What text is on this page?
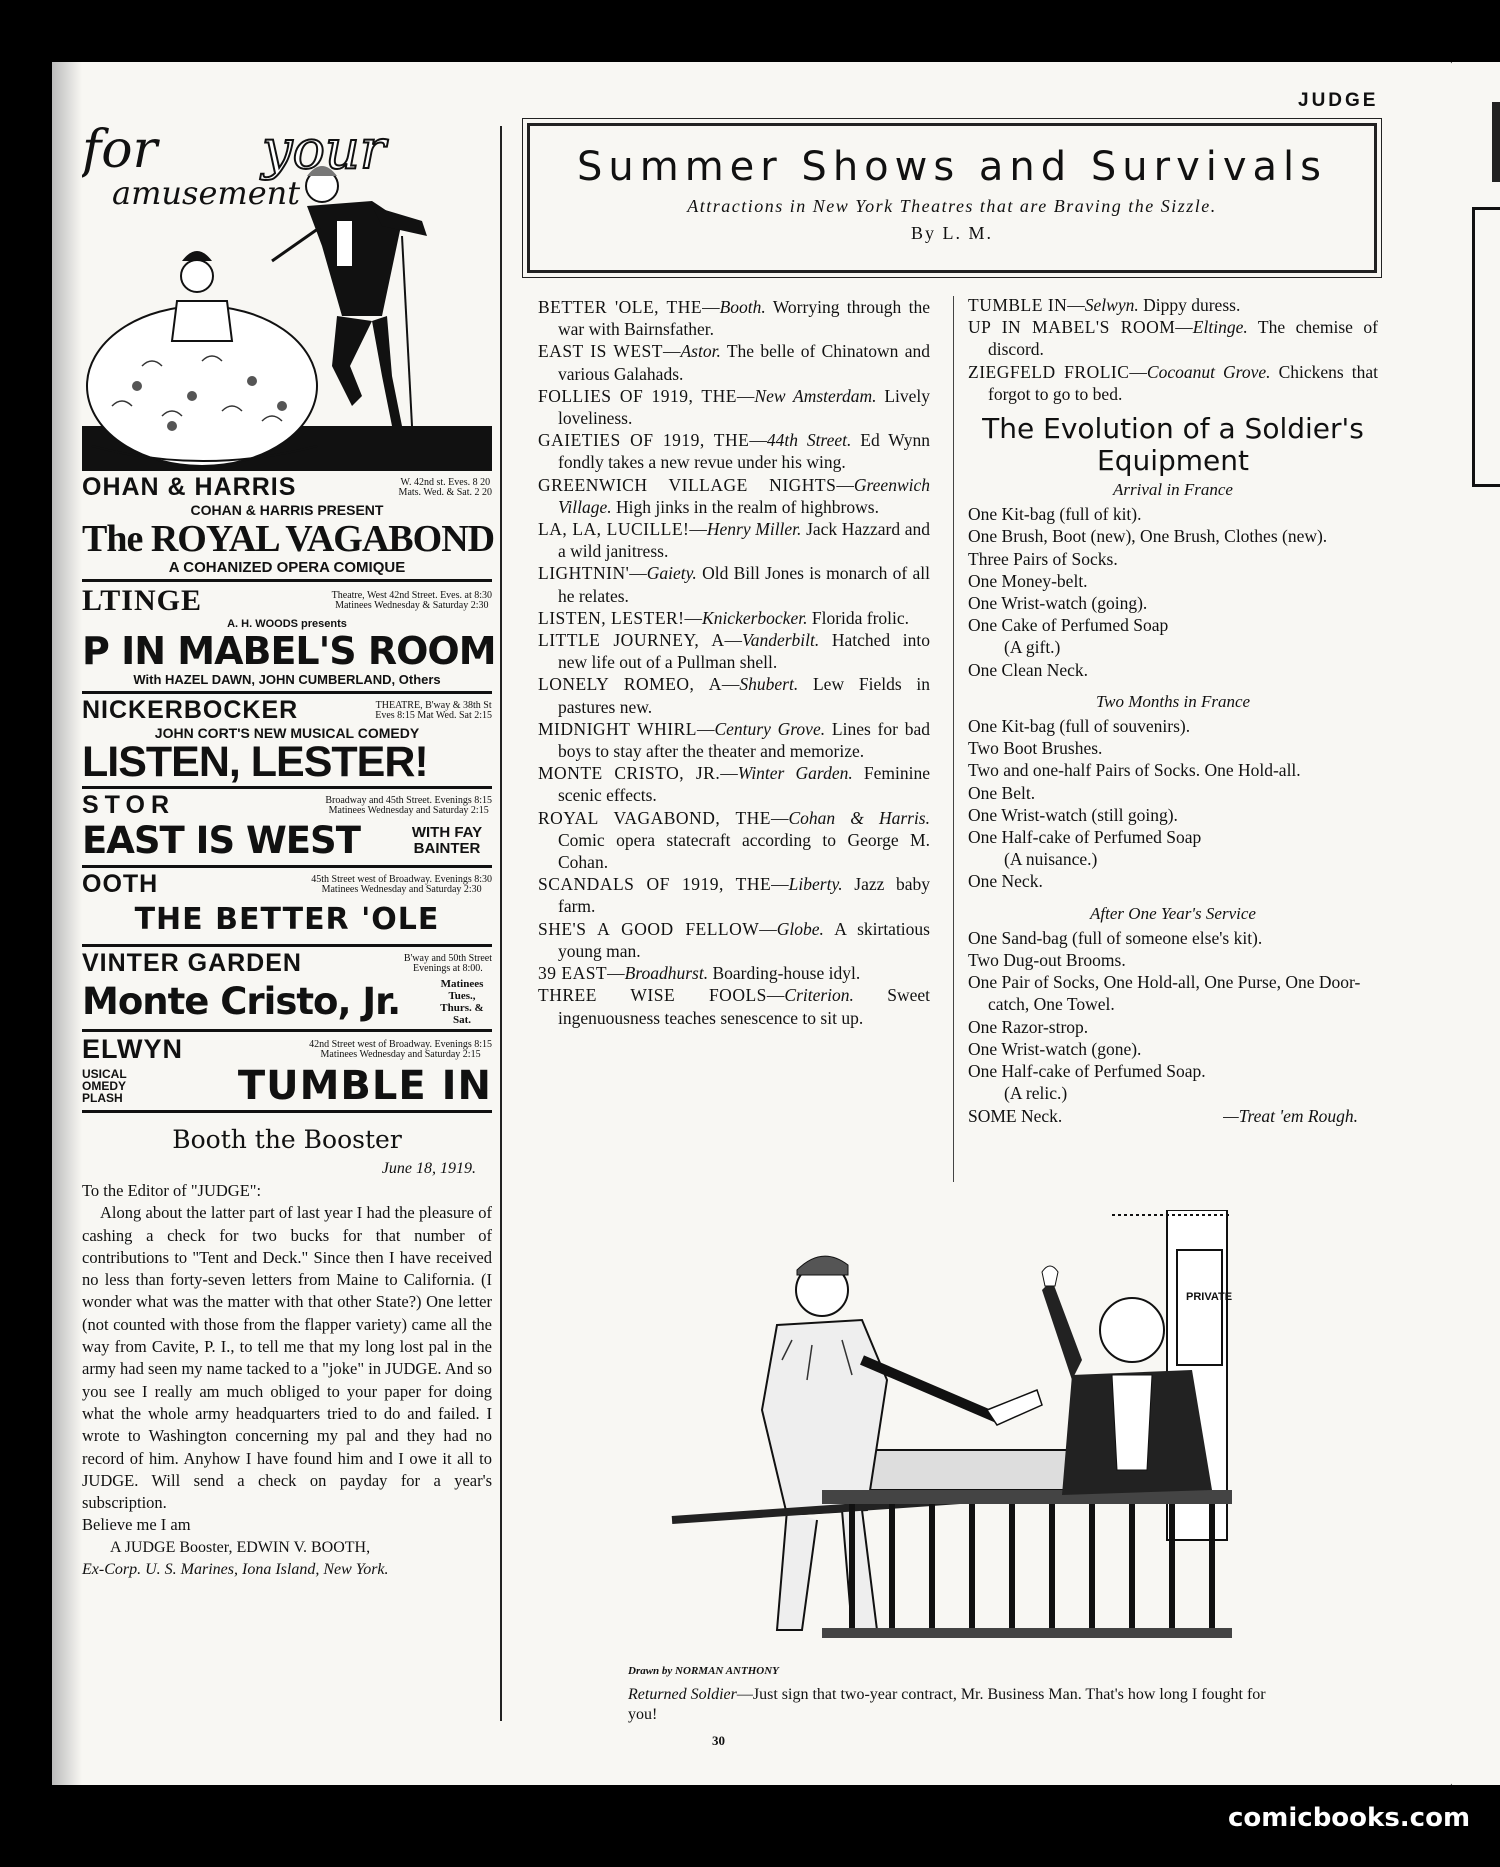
JUDGE
for your
amusement
OHAN & HARRIS	W. 42nd st. Eves. 8 20
Mats. Wed. & Sat. 2 20
COHAN & HARRIS PRESENT
The ROYAL VAGABOND
A COHANIZED OPERA COMIQUE
LTINGE	Theatre, West 42nd Street. Eves. at 8:30
Matinees Wednesday & Saturday 2:30
A. H. WOODS presents
P IN MABEL'S ROOM
With HAZEL DAWN, JOHN CUMBERLAND, Others
NICKERBOCKER	THEATRE, B'way & 38th St
Eves 8:15 Mat Wed. Sat 2:15
JOHN CORT'S NEW MUSICAL COMEDY
LISTEN, LESTER!
STOR	Broadway and 45th Street. Evenings 8:15
Matinees Wednesday and Saturday 2:15
EAST IS WEST	WITH FAY BAINTER
OOTH	45th Street west of Broadway. Evenings 8:30
Matinees Wednesday and Saturday 2:30
THE BETTER 'OLE
VINTER GARDEN	B'way and 50th Street
Evenings at 8:00.
Monte Cristo, Jr.	Matinees Tues., Thurs. & Sat.
ELWYN	42nd Street west of Broadway. Evenings 8:15
Matinees Wednesday and Saturday 2:15
USICAL OMEDY PLASH	TUMBLE IN
Booth the Booster
June 18, 1919.

To the Editor of "JUDGE":

Along about the latter part of last year I had the pleasure of cashing a check for two bucks for that number of contributions to "Tent and Deck." Since then I have received no less than forty-seven letters from Maine to California. (I wonder what was the matter with that other State?) One letter (not counted with those from the flapper variety) came all the way from Cavite, P. I., to tell me that my long lost pal in the army had seen my name tacked to a "joke" in JUDGE. And so you see I really am much obliged to your paper for doing what the whole army headquarters tried to do and failed. I wrote to Washington concerning my pal and they had no record of him. Anyhow I have found him and I owe it all to JUDGE. Will send a check on payday for a year's subscription.

Believe me I am

A JUDGE Booster, EDWIN V. BOOTH,
Ex-Corp. U. S. Marines, Iona Island, New York.
Summer Shows and Survivals
Attractions in New York Theatres that are Braving the Sizzle.
By L. M.
BETTER 'OLE, THE—Booth. Worrying through the war with Bairnsfather.
EAST IS WEST—Astor. The belle of Chinatown and various Galahads.
FOLLIES OF 1919, THE—New Amsterdam. Lively loveliness.
GAIETIES OF 1919, THE—44th Street. Ed Wynn fondly takes a new revue under his wing.
GREENWICH VILLAGE NIGHTS—Greenwich Village. High jinks in the realm of highbrows.
LA, LA, LUCILLE!—Henry Miller. Jack Hazzard and a wild janitress.
LIGHTNIN'—Gaiety. Old Bill Jones is monarch of all he relates.
LISTEN, LESTER!—Knickerbocker. Florida frolic.
LITTLE JOURNEY, A—Vanderbilt. Hatched into new life out of a Pullman shell.
LONELY ROMEO, A—Shubert. Lew Fields in pastures new.
MIDNIGHT WHIRL—Century Grove. Lines for bad boys to stay after the theater and memorize.
MONTE CRISTO, JR.—Winter Garden. Feminine scenic effects.
ROYAL VAGABOND, THE—Cohan & Harris. Comic opera statecraft according to George M. Cohan.
SCANDALS OF 1919, THE—Liberty. Jazz baby farm.
SHE'S A GOOD FELLOW—Globe. A skirtatious young man.
39 EAST—Broadhurst. Boarding-house idyl.
THREE WISE FOOLS—Criterion. Sweet ingenuousness teaches senescence to sit up.
TUMBLE IN—Selwyn. Dippy duress.
UP IN MABEL'S ROOM—Eltinge. The chemise of discord.
ZIEGFELD FROLIC—Cocoanut Grove. Chickens that forgot to go to bed.
The Evolution of a Soldier's Equipment
Arrival in France
One Kit-bag (full of kit).
One Brush, Boot (new), One Brush, Clothes (new).
Three Pairs of Socks.
One Money-belt.
One Wrist-watch (going).
One Cake of Perfumed Soap
(A gift.)
One Clean Neck.
Two Months in France
One Kit-bag (full of souvenirs).
Two Boot Brushes.
Two and one-half Pairs of Socks. One Hold-all.
One Belt.
One Wrist-watch (still going).
One Half-cake of Perfumed Soap
(A nuisance.)
One Neck.
After One Year's Service
One Sand-bag (full of someone else's kit).
Two Dug-out Brooms.
One Pair of Socks, One Hold-all, One Purse, One Door-catch, One Towel.
One Razor-strop.
One Wrist-watch (gone).
One Half-cake of Perfumed Soap.
(A relic.)
SOME Neck.	—Treat 'em Rough.
PRIVATE
Drawn by NORMAN ANTHONY
Returned Soldier—Just sign that two-year contract, Mr. Business Man. That's how long I fought for you!
30
comicbooks.com
